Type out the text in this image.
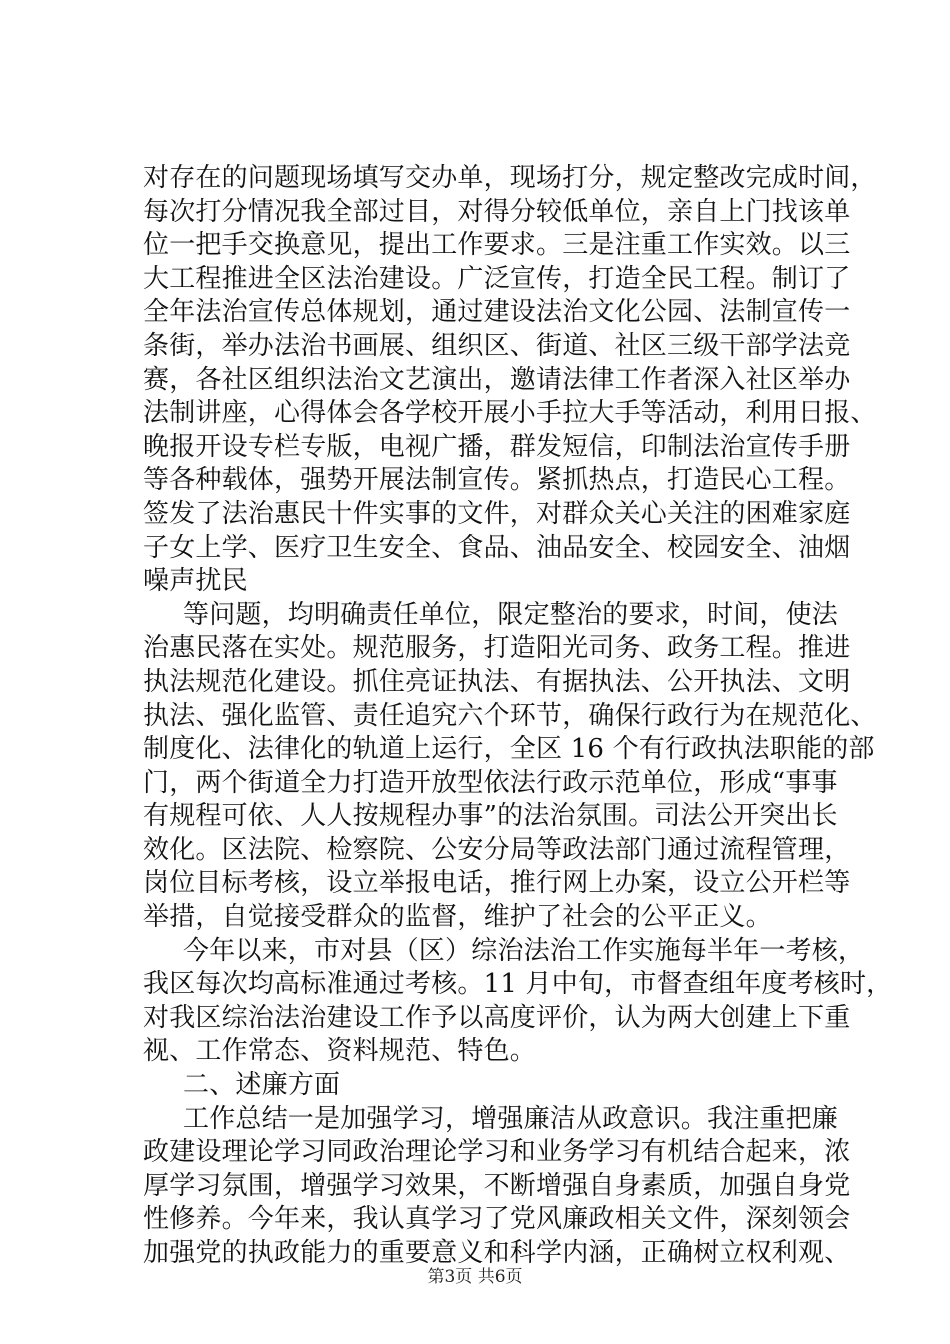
对存在的问题现场填写交办单，现场打分，规定整改完成时间，
每次打分情况我全部过目，对得分较低单位，亲自上门找该单
位一把手交换意见，提出工作要求。三是注重工作实效。以三
大工程推进全区法治建设。广泛宣传，打造全民工程。制订了
全年法治宣传总体规划，通过建设法治文化公园、法制宣传一
条街，举办法治书画展、组织区、街道、社区三级干部学法竞
赛，各社区组织法治文艺演出，邀请法律工作者深入社区举办
法制讲座，心得体会各学校开展小手拉大手等活动，利用日报、
晚报开设专栏专版，电视广播，群发短信，印制法治宣传手册
等各种载体，强势开展法制宣传。紧抓热点，打造民心工程。
签发了法治惠民十件实事的文件，对群众关心关注的困难家庭
子女上学、医疗卫生安全、食品、油品安全、校园安全、油烟
噪声扰民
等问题，均明确责任单位，限定整治的要求，时间，使法
治惠民落在实处。规范服务，打造阳光司务、政务工程。推进
执法规范化建设。抓住亮证执法、有据执法、公开执法、文明
执法、强化监管、责任追究六个环节，确保行政行为在规范化、
制度化、法律化的轨道上运行，全区 16 个有行政执法职能的部
门，两个街道全力打造开放型依法行政示范单位，形成“事事
有规程可依、人人按规程办事”的法治氛围。司法公开突出长
效化。区法院、检察院、公安分局等政法部门通过流程管理，
岗位目标考核，设立举报电话，推行网上办案，设立公开栏等
举措，自觉接受群众的监督，维护了社会的公平正义。
今年以来，市对县（区）综治法治工作实施每半年一考核，
我区每次均高标准通过考核。11 月中旬，市督查组年度考核时，
对我区综治法治建设工作予以高度评价，认为两大创建上下重
视、工作常态、资料规范、特色。
二、述廉方面
工作总结一是加强学习，增强廉洁从政意识。我注重把廉
政建设理论学习同政治理论学习和业务学习有机结合起来，浓
厚学习氛围，增强学习效果，不断增强自身素质，加强自身党
性修养。今年来，我认真学习了党风廉政相关文件，深刻领会
加强党的执政能力的重要意义和科学内涵，正确树立权利观、
第3页 共6页
